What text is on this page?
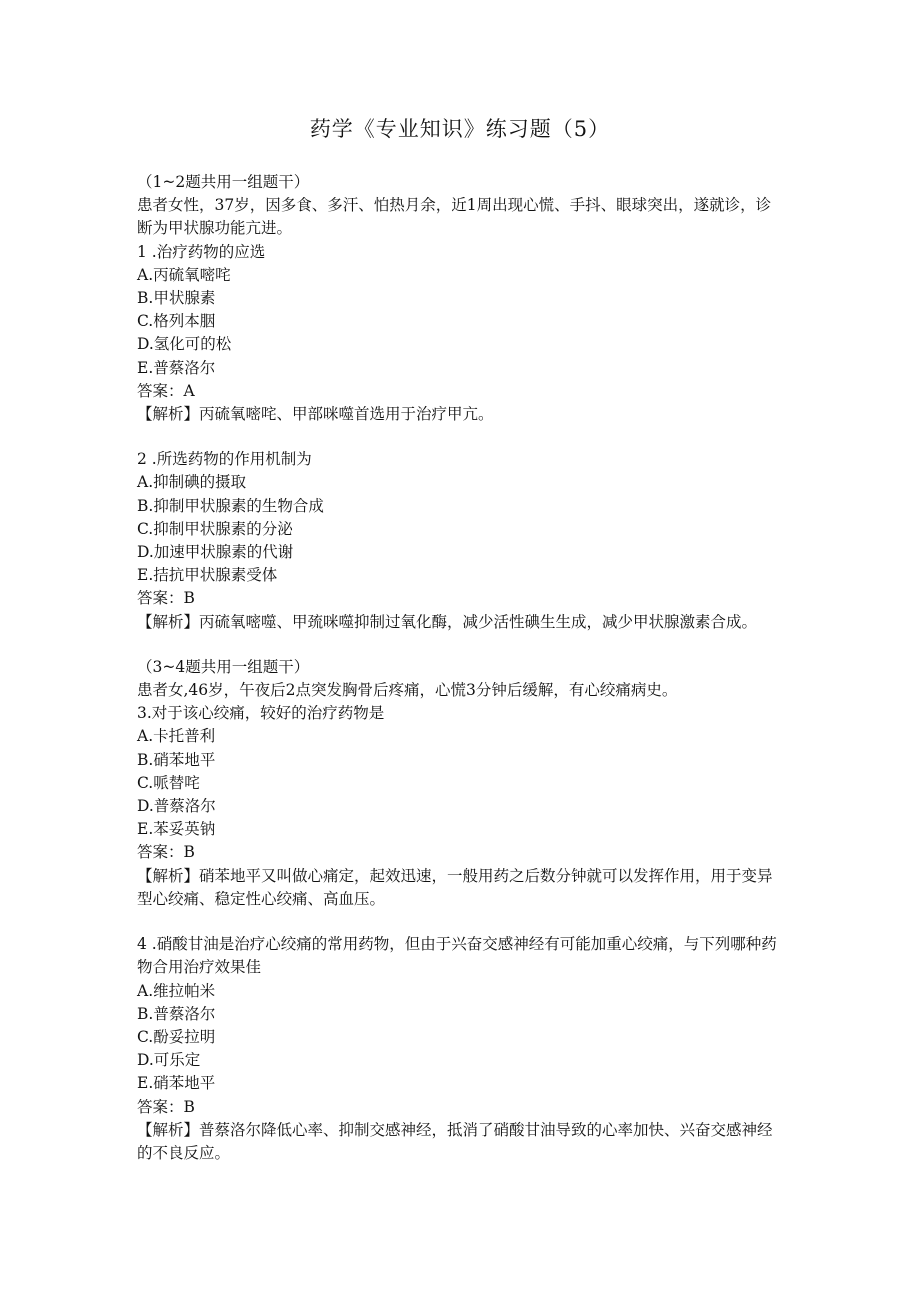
药学《专业知识》练习题（5）
（1~2题共用一组题干）
患者女性，37岁，因多食、多汗、怕热月余，近1周出现心慌、手抖、眼球突出，遂就诊，诊断为甲状腺功能亢进。
1 .治疗药物的应选
A.丙硫氧嘧咤
B.甲状腺素
C.格列本胭
D.氢化可的松
E.普蔡洛尔
答案：A
【解析】丙硫氧嘧咤、甲部咪噬首选用于治疗甲亢。
2 .所选药物的作用机制为
A.抑制碘的摄取
B.抑制甲状腺素的生物合成
C.抑制甲状腺素的分泌
D.加速甲状腺素的代谢
E.拮抗甲状腺素受体
答案：B
【解析】丙硫氧嘧噬、甲巯咪噬抑制过氧化酶，减少活性碘生生成，减少甲状腺激素合成。
（3~4题共用一组题干）
患者女,46岁，午夜后2点突发胸骨后疼痛，心慌3分钟后缓解，有心绞痛病史。
3.对于该心绞痛，较好的治疗药物是
A.卡托普利
B.硝苯地平
C.哌替咤
D.普蔡洛尔
E.苯妥英钠
答案：B
【解析】硝苯地平又叫做心痛定，起效迅速，一般用药之后数分钟就可以发挥作用，用于变异型心绞痛、稳定性心绞痛、高血压。
4 .硝酸甘油是治疗心绞痛的常用药物，但由于兴奋交感神经有可能加重心绞痛，与下列哪种药物合用治疗效果佳
A.维拉帕米
B.普蔡洛尔
C.酚妥拉明
D.可乐定
E.硝苯地平
答案：B
【解析】普蔡洛尔降低心率、抑制交感神经，抵消了硝酸甘油导致的心率加快、兴奋交感神经的不良反应。
